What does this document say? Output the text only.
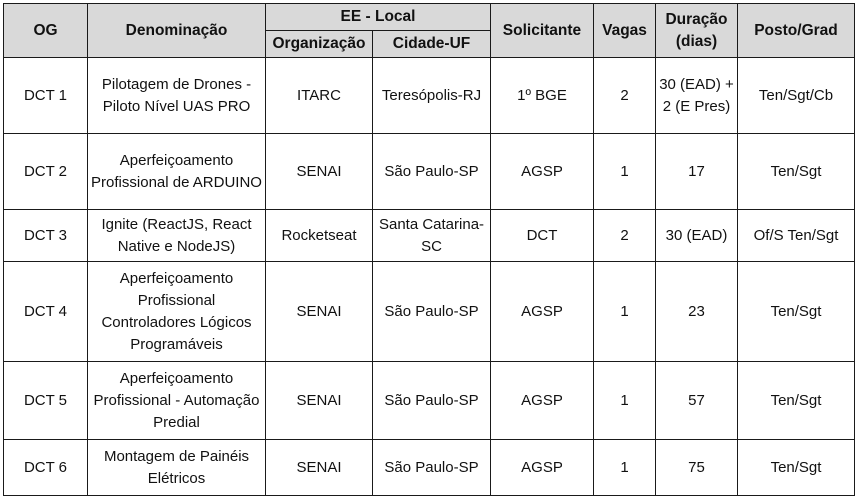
OG	Denominação	EE - Local		Solicitante	Vagas	Duração (dias)	Posto/Grad
		Organização	Cidade-UF				
DCT 1	Pilotagem de Drones - Piloto Nível UAS PRO	ITARC	Teresópolis-RJ	1º BGE	2	30 (EAD) + 2 (E Pres)	Ten/Sgt/Cb
DCT 2	Aperfeiçoamento Profissional de ARDUINO	SENAI	São Paulo-SP	AGSP	1	17	Ten/Sgt
DCT 3	Ignite (ReactJS, React Native e NodeJS)	Rocketseat	Santa Catarina-SC	DCT	2	30 (EAD)	Of/S Ten/Sgt
DCT 4	Aperfeiçoamento Profissional Controladores Lógicos Programáveis	SENAI	São Paulo-SP	AGSP	1	23	Ten/Sgt
DCT 5	Aperfeiçoamento Profissional - Automação Predial	SENAI	São Paulo-SP	AGSP	1	57	Ten/Sgt
DCT 6	Montagem de Painéis Elétricos	SENAI	São Paulo-SP	AGSP	1	75	Ten/Sgt
